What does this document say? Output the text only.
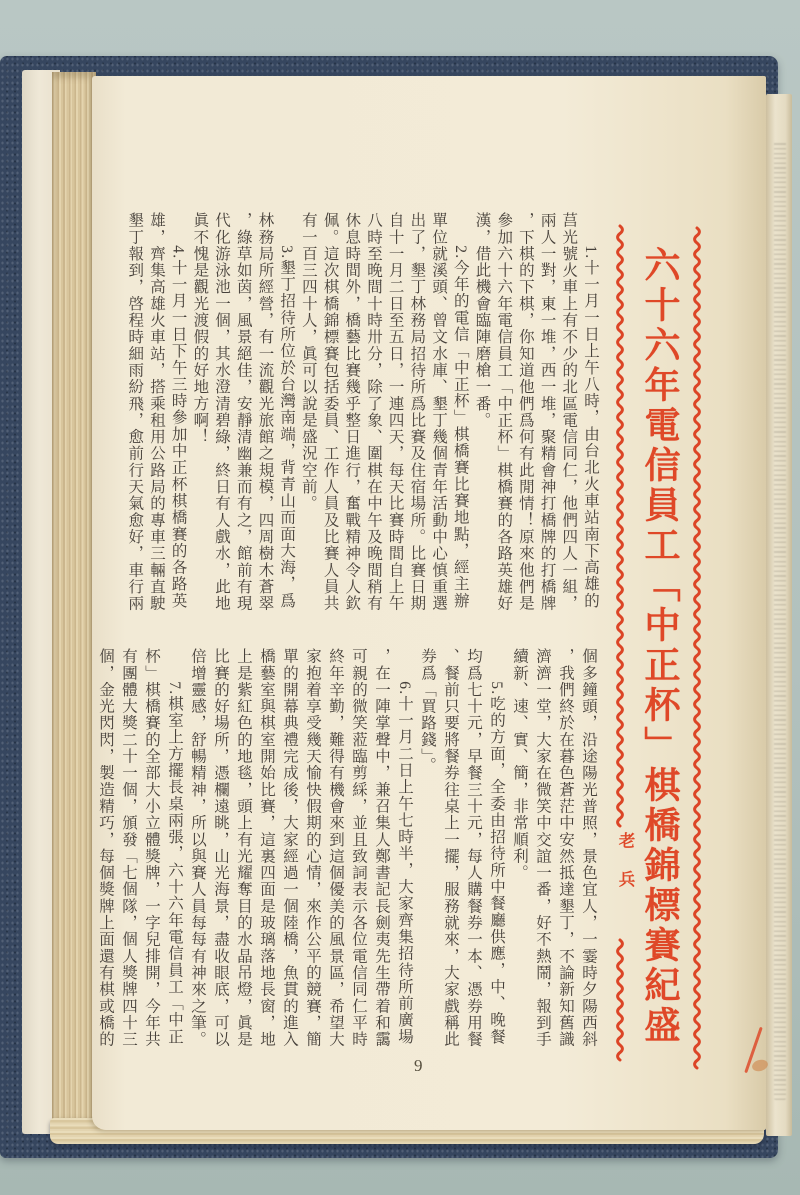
六十六年電信員工「中正杯」棋橋錦標賽紀盛
老兵
　　1.十一月一日上午八時，由台北火車站南下高雄的
莒光號火車上有不少的北區電信同仁，他們四人一組，
兩人一對，東一堆，西一堆，聚精會神打橋牌的打橋牌
，下棋的下棋，你知道他們爲何有此閒情！原來他們是
參加六十六年電信員工「中正杯」棋橋賽的各路英雄好
漢，借此機會臨陣磨槍一番。
　　2.今年的電信「中正杯」棋橋賽比賽地點，經主辦
單位就溪頭、曾文水庫、墾丁幾個青年活動中心慎重選
出了，墾丁林務局招待所爲比賽及住宿場所。比賽日期
自十一月二日至五日，一連四天，每天比賽時間自上午
八時至晚間十時卅分，除了象、圍棋在中午及晚間稍有
休息時間外，橋藝比賽幾乎整日進行，奮戰精神令人欽
佩。這次棋橋錦標賽包括委員、工作人員及比賽人員共
有一百三四十人，眞可以說是盛況空前。
　　3.墾丁招待所位於台灣南端，背青山而面大海，爲
林務局所經營，有一流觀光旅館之規模，四周樹木蒼翠
，綠草如茵，風景絕佳，安靜清幽兼而有之，館前有現
代化游泳池一個，其水澄清碧綠，終日有人戲水，此地
眞不愧是觀光渡假的好地方啊！
　　4.十一月一日下午三時參加中正杯棋橋賽的各路英
雄，齊集高雄火車站，搭乘租用公路局的專車三輛直駛
墾丁報到，啓程時細雨紛飛，愈前行天氣愈好，車行兩
個多鐘頭，沿途陽光普照，景色宜人，一霎時夕陽西斜
，我們終於在暮色蒼茫中安然抵達墾丁，不論新知舊識
濟濟一堂，大家在微笑中交誼一番，好不熱鬧，報到手
續新、速、實、簡，非常順利。
　　5.吃的方面，全委由招待所中餐廳供應，中、晚餐
均爲七十元，早餐三十元，每人購餐券一本、憑券用餐
、餐前只要將餐券往桌上一擺，服務就來，大家戲稱此
券爲「買路錢」。
　　6.十一月二日上午七時半，大家齊集招待所前廣場
，在一陣掌聲中，兼召集人鄭書記長劍夷先生帶着和靄
可親的微笑蒞臨剪綵，並且致詞表示各位電信同仁平時
終年辛勤，難得有機會來到這個優美的風景區，希望大
家抱着享受幾天愉快假期的心情，來作公平的競賽，簡
單的開幕典禮完成後，大家經過一個陸橋，魚貫的進入
橋藝室與棋室開始比賽，這裏四面是玻璃落地長窗，地
上是紫紅色的地毯，頭上有光耀奪目的水晶吊燈，眞是
比賽的好場所，憑欄遠眺，山光海景，盡收眼底，可以
倍增靈感，舒暢精神，所以與賽人員每每有神來之筆。
　　7.棋室上方擺長桌兩張，六十六年電信員工「中正
杯」棋橋賽的全部大小立體獎牌，一字兒排開，今年共
有團體大獎二十一個，頒發「七個隊，個人獎牌四十三
個，金光閃閃，製造精巧，每個獎牌上面還有棋或橋的
9
